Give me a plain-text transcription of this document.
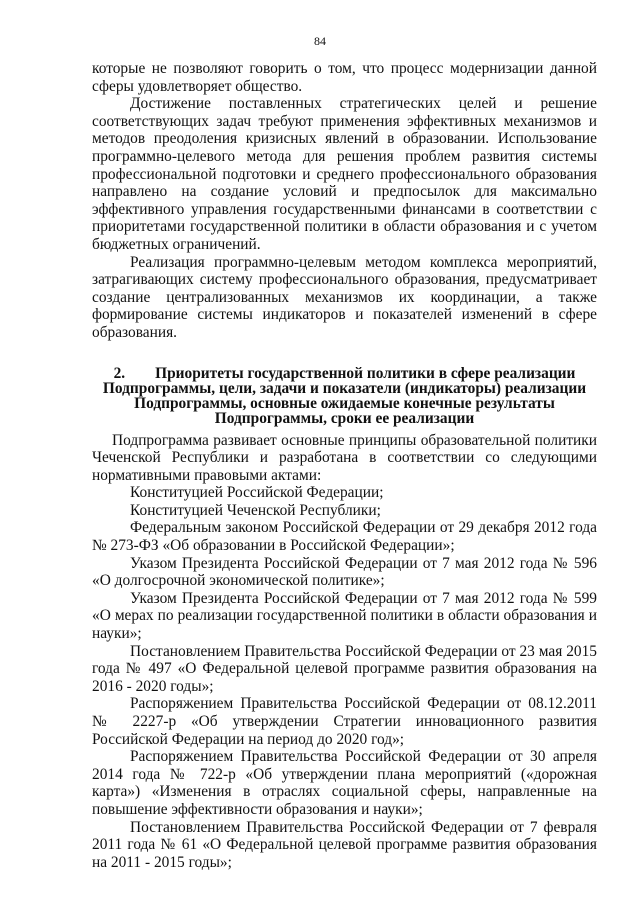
84

которые не позволяют говорить о том, что процесс модернизации данной сферы удовлетворяет общество.

Достижение поставленных стратегических целей и решение соответствующих задач требуют применения эффективных механизмов и методов преодоления кризисных явлений в образовании. Использование программно-целевого метода для решения проблем развития системы профессиональной подготовки и среднего профессионального образования направлено на создание условий и предпосылок для максимально эффективного управления государственными финансами в соответствии с приоритетами государственной политики в области образования и с учетом бюджетных ограничений.

Реализация программно-целевым методом комплекса мероприятий, затрагивающих систему профессионального образования, предусматривает создание централизованных механизмов их координации, а также формирование системы индикаторов и показателей изменений в сфере образования.

2. Приоритеты государственной политики в сфере реализации
Подпрограммы, цели, задачи и показатели (индикаторы) реализации
Подпрограммы, основные ожидаемые конечные результаты
Подпрограммы, сроки ее реализации

Подпрограмма развивает основные принципы образовательной политики Чеченской Республики и разработана в соответствии со следующими нормативными правовыми актами:

Конституцией Российской Федерации;

Конституцией Чеченской Республики;

Федеральным законом Российской Федерации от 29 декабря 2012 года № 273-ФЗ «Об образовании в Российской Федерации»;

Указом Президента Российской Федерации от 7 мая 2012 года № 596 «О долгосрочной экономической политике»;

Указом Президента Российской Федерации от 7 мая 2012 года № 599 «О мерах по реализации государственной политики в области образования и науки»;

Постановлением Правительства Российской Федерации от 23 мая 2015 года № 497 «О Федеральной целевой программе развития образования на 2016 - 2020 годы»;

Распоряжением Правительства Российской Федерации от 08.12.2011 № 2227-р «Об утверждении Стратегии инновационного развития Российской Федерации на период до 2020 год»;

Распоряжением Правительства Российской Федерации от 30 апреля 2014 года № 722-р «Об утверждении плана мероприятий («дорожная карта») «Изменения в отраслях социальной сферы, направленные на повышение эффективности образования и науки»;

Постановлением Правительства Российской Федерации от 7 февраля 2011 года № 61 «О Федеральной целевой программе развития образования на 2011 - 2015 годы»;
